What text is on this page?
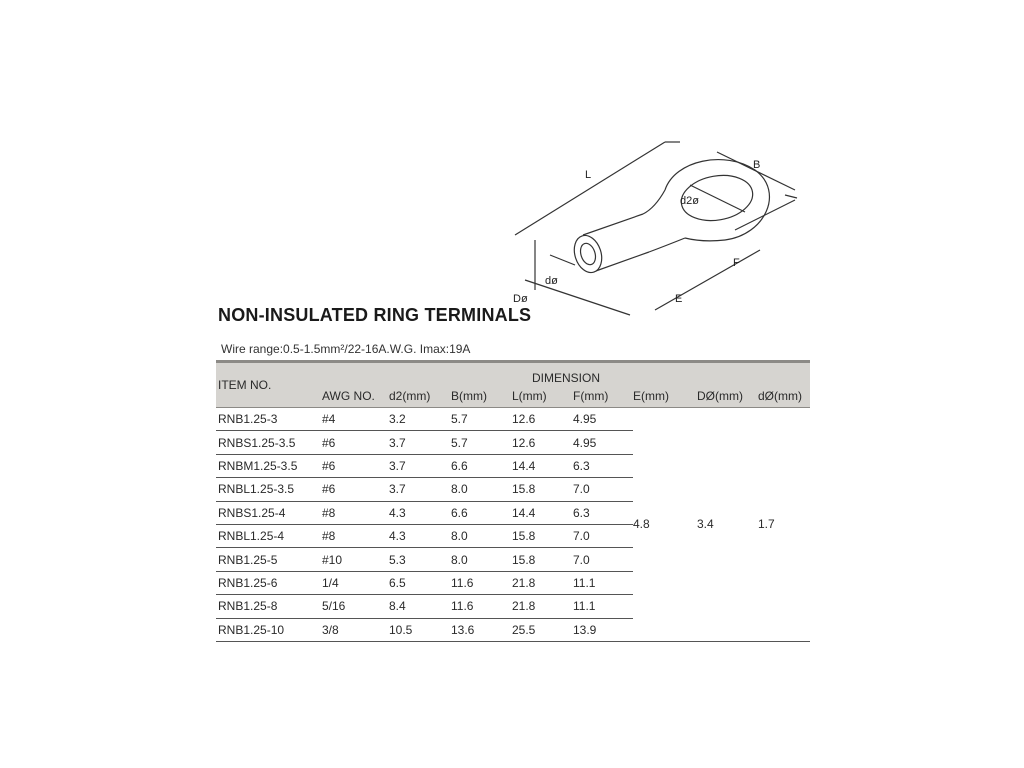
L
B
d2ø
dø
Dø	E
F
NON-INSULATED RING TERMINALS
Wire range:0.5-1.5mm²/22-16A.W.G. Imax:19A
ITEM NO.	DIMENSION							
	AWG NO.	d2(mm)	B(mm)	L(mm)	F(mm)	E(mm)	DØ(mm)	dØ(mm)
RNB1.25-3	#4	3.2	5.7	12.6	4.95	4.8	3.4	1.7
RNBS1.25-3.5	#6	3.7	5.7	12.6	4.95			
RNBM1.25-3.5	#6	3.7	6.6	14.4	6.3			
RNBL1.25-3.5	#6	3.7	8.0	15.8	7.0			
RNBS1.25-4	#8	4.3	6.6	14.4	6.3			
RNBL1.25-4	#8	4.3	8.0	15.8	7.0			
RNB1.25-5	#10	5.3	8.0	15.8	7.0			
RNB1.25-6	1/4	6.5	11.6	21.8	11.1			
RNB1.25-8	5/16	8.4	11.6	21.8	11.1			
RNB1.25-10	3/8	10.5	13.6	25.5	13.9			
